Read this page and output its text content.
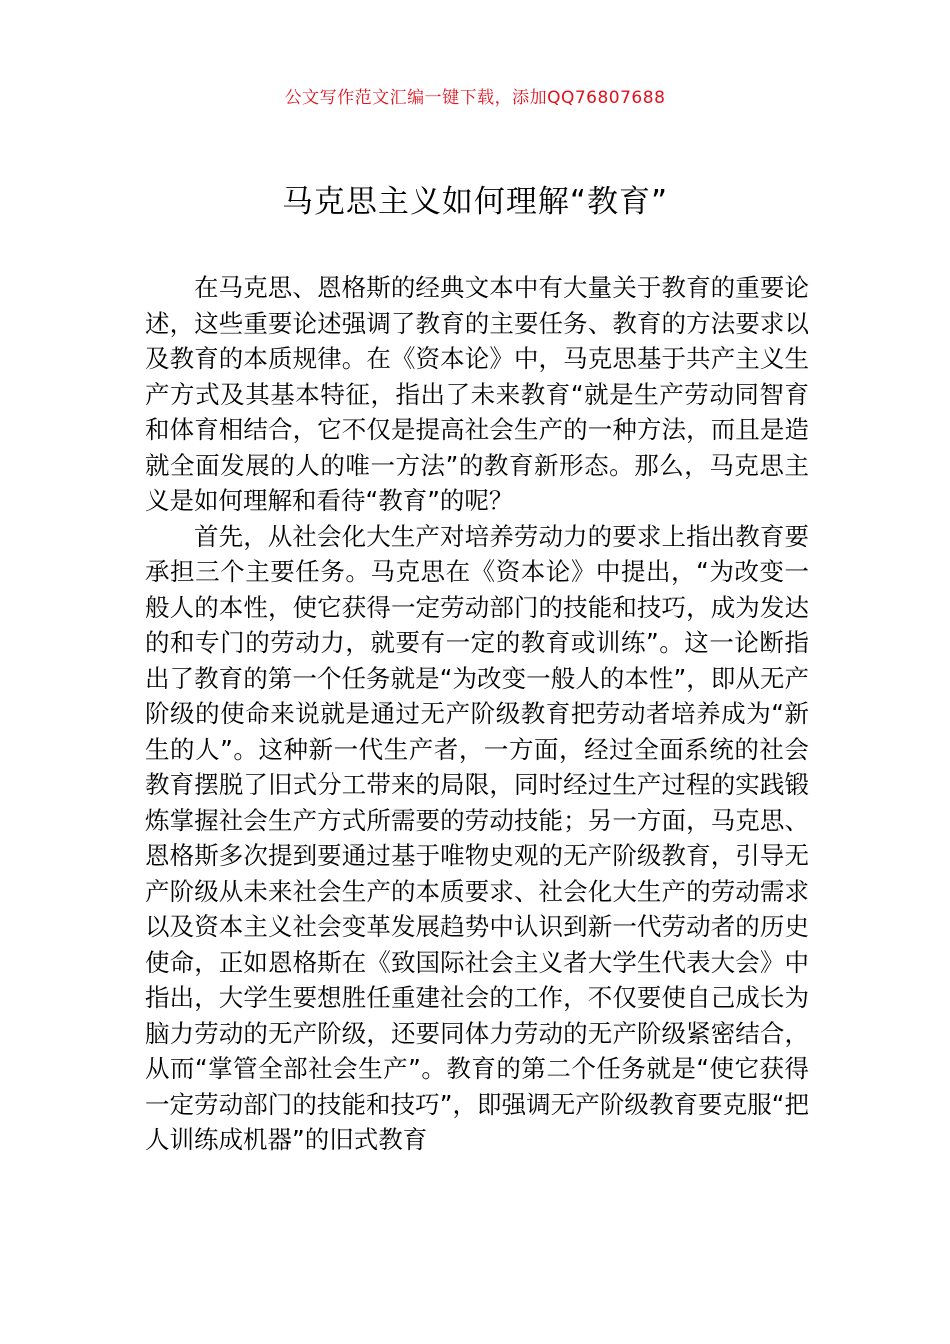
公文写作范文汇编一键下载，添加QQ76807688
马克思主义如何理解“教育”

在马克思、恩格斯的经典文本中有大量关于教育的重要论述，这些重要论述强调了教育的主要任务、教育的方法要求以及教育的本质规律。在《资本论》中，马克思基于共产主义生产方式及其基本特征，指出了未来教育“就是生产劳动同智育和体育相结合，它不仅是提高社会生产的一种方法，而且是造就全面发展的人的唯一方法”的教育新形态。那么，马克思主义是如何理解和看待“教育”的呢？

首先，从社会化大生产对培养劳动力的要求上指出教育要承担三个主要任务。马克思在《资本论》中提出，“为改变一般人的本性，使它获得一定劳动部门的技能和技巧，成为发达的和专门的劳动力，就要有一定的教育或训练”。这一论断指出了教育的第一个任务就是“为改变一般人的本性”，即从无产阶级的使命来说就是通过无产阶级教育把劳动者培养成为“新生的人”。这种新一代生产者，一方面，经过全面系统的社会教育摆脱了旧式分工带来的局限，同时经过生产过程的实践锻炼掌握社会生产方式所需要的劳动技能；另一方面，马克思、恩格斯多次提到要通过基于唯物史观的无产阶级教育，引导无产阶级从未来社会生产的本质要求、社会化大生产的劳动需求以及资本主义社会变革发展趋势中认识到新一代劳动者的历史使命，正如恩格斯在《致国际社会主义者大学生代表大会》中指出，大学生要想胜任重建社会的工作，不仅要使自己成长为脑力劳动的无产阶级，还要同体力劳动的无产阶级紧密结合，从而“掌管全部社会生产”。教育的第二个任务就是“使它获得一定劳动部门的技能和技巧”，即强调无产阶级教育要克服“把人训练成机器”的旧式教育
